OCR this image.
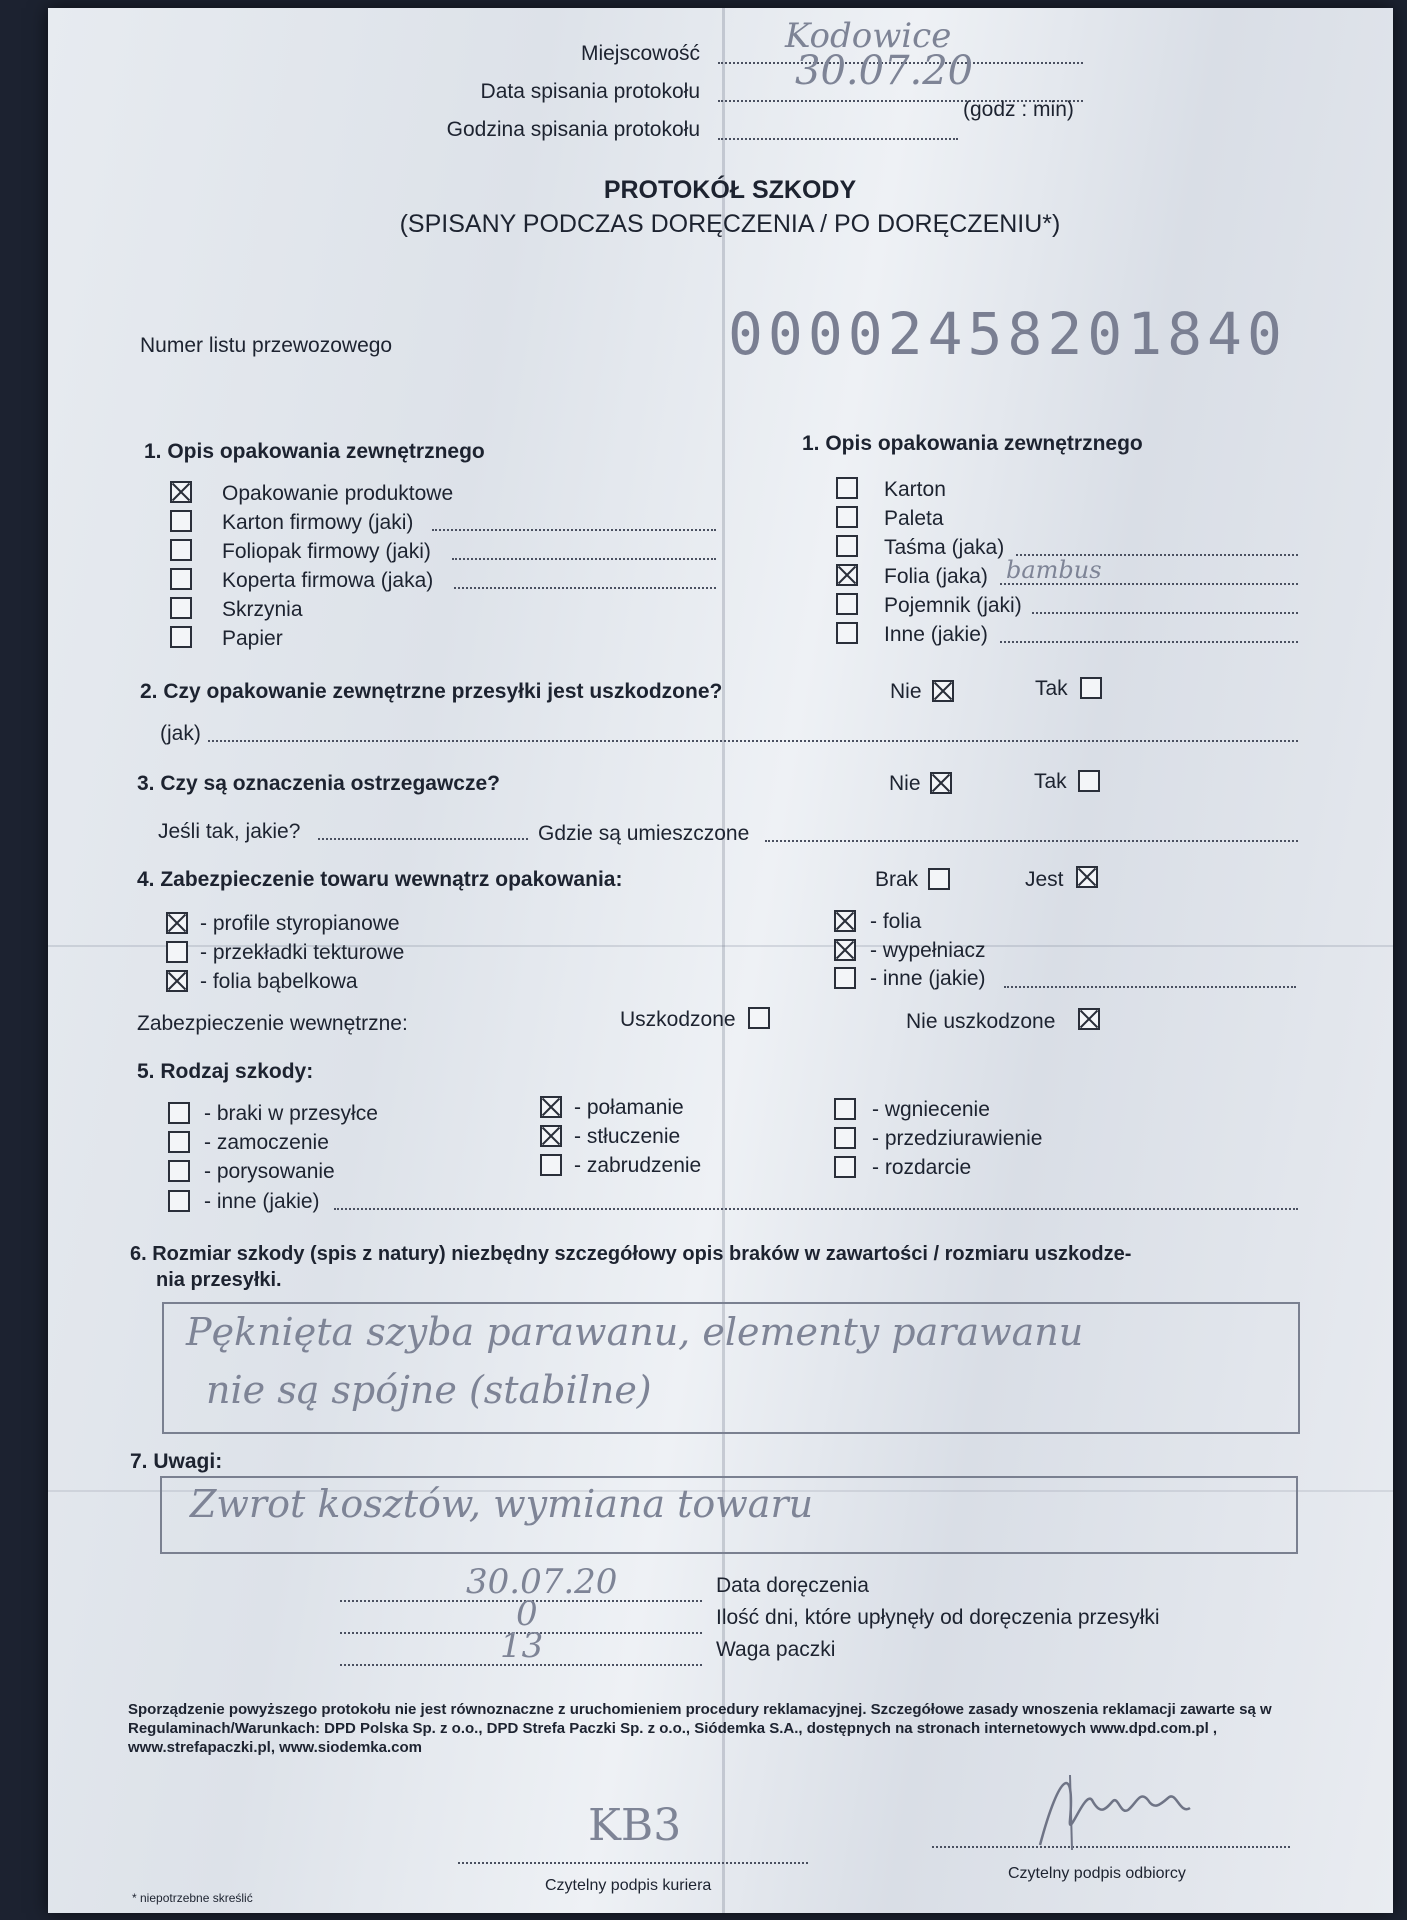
Miejscowość	Kodowice
Data spisania protokołu 30.07.20
Godzina spisania protokołu
(godz : min)
PROTOKÓŁ SZKODY
(SPISANY PODCZAS DORĘCZENIA / PO DORĘCZENIU*)
Numer listu przewozowego	00002458201840
1. Opis opakowania zewnętrznego
Opakowanie produktowe
Karton firmowy (jaki)
Foliopak firmowy (jaki)
Koperta firmowa (jaka)
Skrzynia
Papier
1. Opis opakowania zewnętrznego
Karton
Paleta
Taśma (jaka)
Folia (jaka) bambus
Pojemnik (jaki)
Inne (jakie)
2. Czy opakowanie zewnętrzne przesyłki jest uszkodzone?	Nie	Tak
(jak)
3. Czy są oznaczenia ostrzegawcze?	Nie	Tak
Jeśli tak, jakie?	Gdzie są umieszczone
4. Zabezpieczenie towaru wewnątrz opakowania:	Brak	Jest
- profile styropianowe
- przekładki tekturowe
- folia bąbelkowa
- folia
- wypełniacz
- inne (jakie)
Zabezpieczenie wewnętrzne:	Uszkodzone	Nie uszkodzone
5. Rodzaj szkody:
- braki w przesyłce
- zamoczenie
- porysowanie
- inne (jakie)
- połamanie
- stłuczenie
- zabrudzenie
- wgniecenie
- przedziurawienie
- rozdarcie
6. Rozmiar szkody (spis z natury) niezbędny szczegółowy opis braków w zawartości / rozmiaru uszkodze-
nia przesyłki.
Pęknięta szyba parawanu, elementy parawanu
nie są spójne (stabilne)
7. Uwagi:
Zwrot kosztów, wymiana towaru
30.07.20	Data doręczenia
0	Ilość dni, które upłynęły od doręczenia przesyłki
13	Waga paczki
Sporządzenie powyższego protokołu nie jest równoznaczne z uruchomieniem procedury reklamacyjnej. Szczegółowe zasady wnoszenia reklamacji zawarte są w Regulaminach/Warunkach: DPD Polska Sp. z o.o., DPD Strefa Paczki Sp. z o.o., Siódemka S.A., dostępnych na stronach internetowych www.dpd.com.pl , www.strefapaczki.pl, www.siodemka.com
KB3
Czytelny podpis kuriera
Czytelny podpis odbiorcy
* niepotrzebne skreślić
